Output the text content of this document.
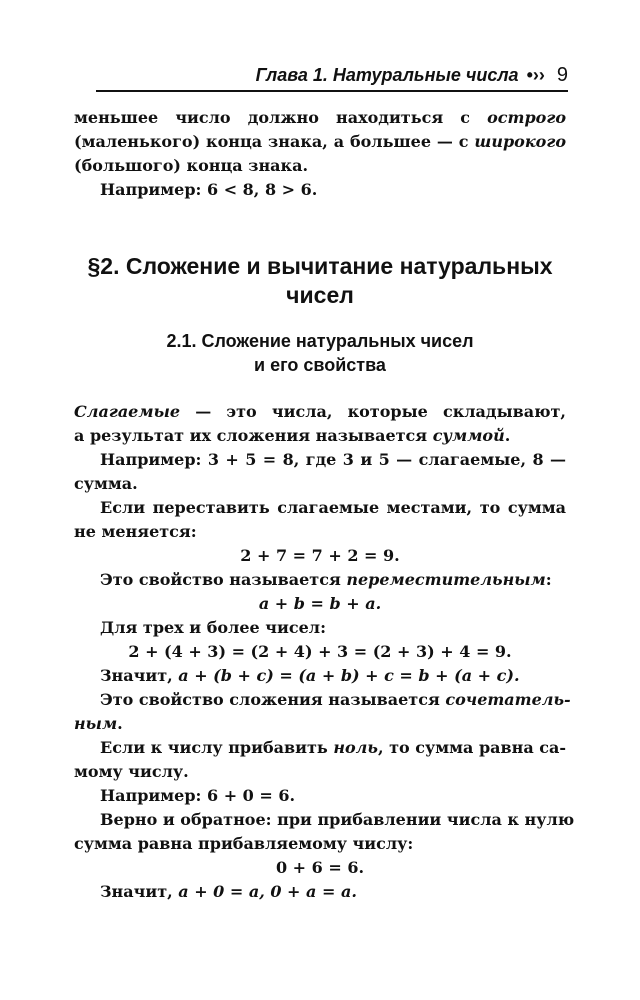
Глава 1. Натуральные числа •›› 9
меньшее число должно находиться с острого
(маленького) конца знака, а большее — с широкого
(большого) конца знака.
Например: 6 < 8, 8 > 6.
§2. Сложение и вычитание натуральных
чисел
2.1. Сложение натуральных чисел
и его свойства
Слагаемые — это числа, которые складывают,
а результат их сложения называется суммой.
Например: 3 + 5 = 8, где 3 и 5 — слагаемые, 8 —
сумма.
Если переставить слагаемые местами, то сумма
не меняется:
2 + 7 = 7 + 2 = 9.
Это свойство называется переместительным:
a + b = b + a.
Для трех и более чисел:
2 + (4 + 3) = (2 + 4) + 3 = (2 + 3) + 4 = 9.
Значит, a + (b + c) = (a + b) + c = b + (a + c).
Это свойство сложения называется сочетатель-
ным.
Если к числу прибавить ноль, то сумма равна са-
мому числу.
Например: 6 + 0 = 6.
Верно и обратное: при прибавлении числа к нулю
сумма равна прибавляемому числу:
0 + 6 = 6.
Значит, a + 0 = a, 0 + a = a.
